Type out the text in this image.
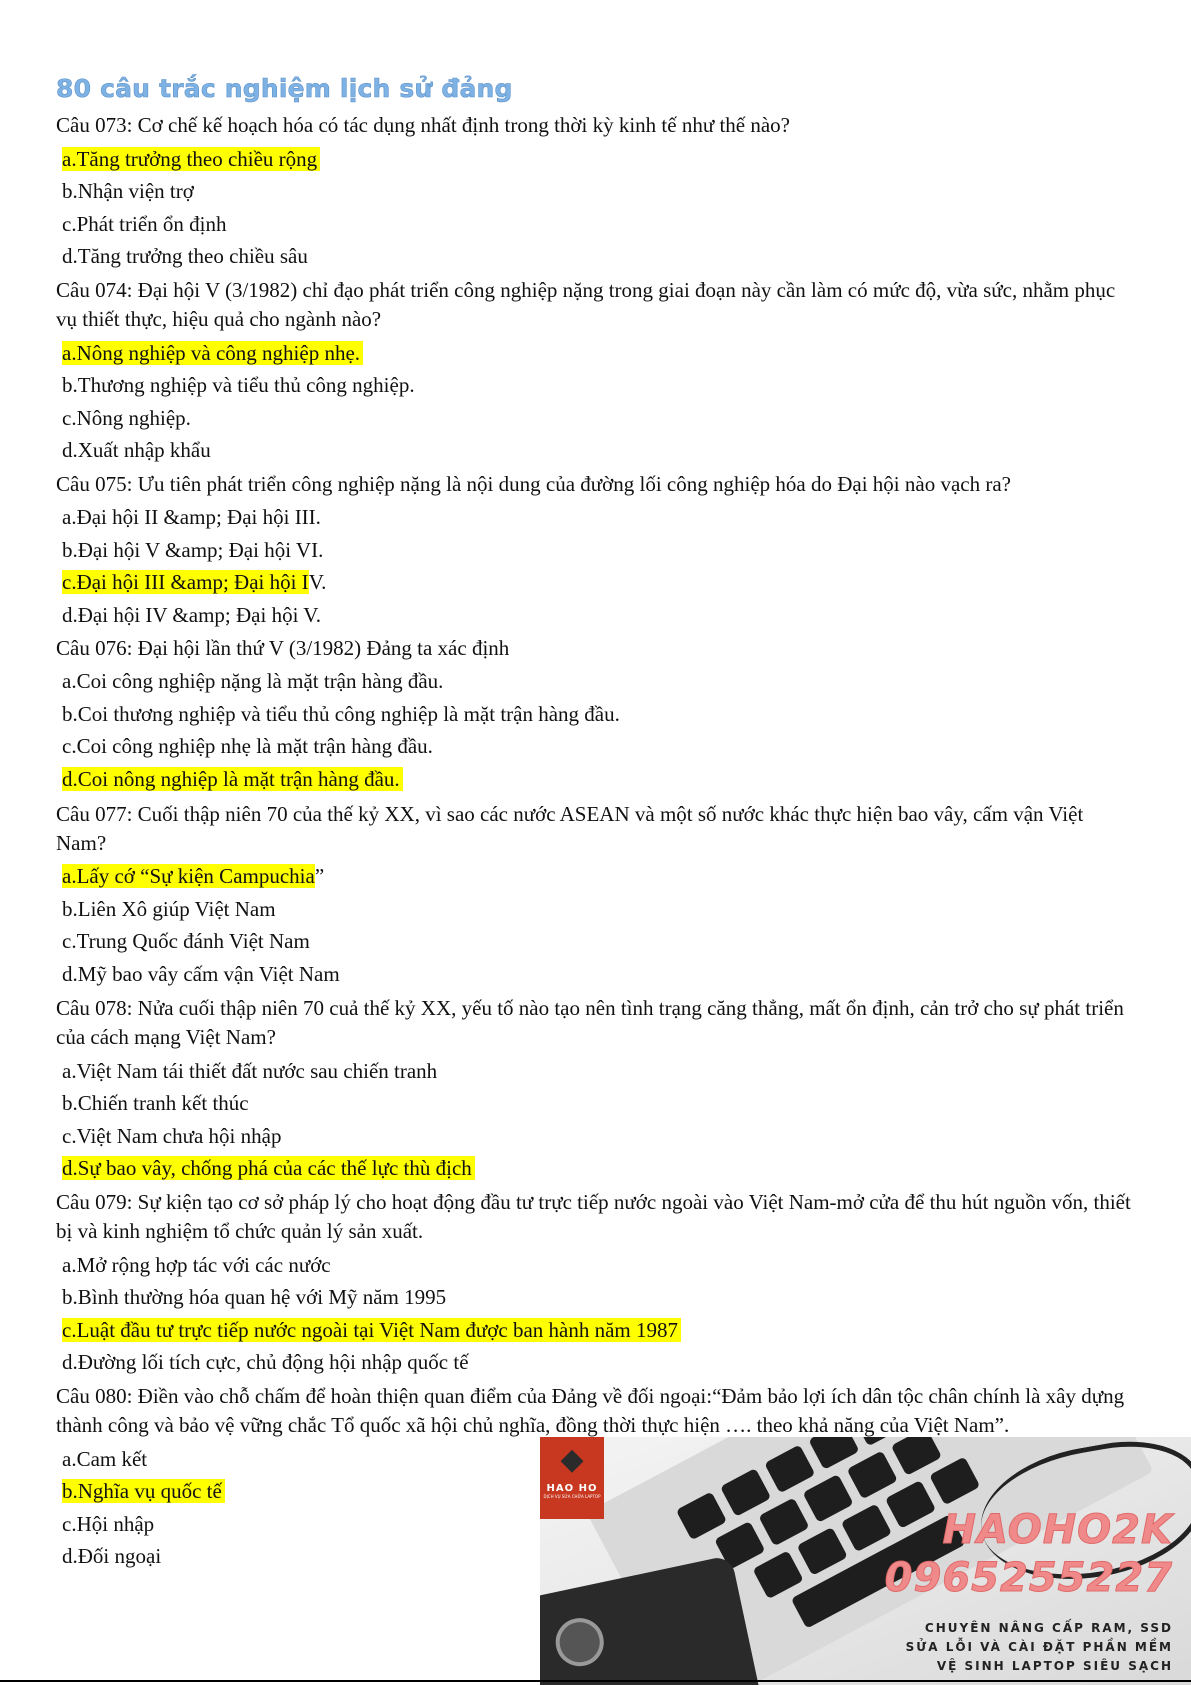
80 câu trắc nghiệm lịch sử đảng
Câu 073: Cơ chế kế hoạch hóa có tác dụng nhất định trong thời kỳ kinh tế như thế nào?
a.Tăng trưởng theo chiều rộng
b.Nhận viện trợ
c.Phát triển ổn định
d.Tăng trưởng theo chiều sâu
Câu 074: Đại hội V (3/1982) chỉ đạo phát triển công nghiệp nặng trong giai đoạn này cần làm có mức độ, vừa sức, nhằm phục vụ thiết thực, hiệu quả cho ngành nào?
a.Nông nghiệp và công nghiệp nhẹ.
b.Thương nghiệp và tiểu thủ công nghiệp.
c.Nông nghiệp.
d.Xuất nhập khẩu
Câu 075: Ưu tiên phát triển công nghiệp nặng là nội dung của đường lối công nghiệp hóa do Đại hội nào vạch ra?
a.Đại hội II &amp; Đại hội III.
b.Đại hội V &amp; Đại hội VI.
c.Đại hội III &amp; Đại hội IV.
d.Đại hội IV &amp; Đại hội V.
Câu 076: Đại hội lần thứ V (3/1982) Đảng ta xác định
a.Coi công nghiệp nặng là mặt trận hàng đầu.
b.Coi thương nghiệp và tiểu thủ công nghiệp là mặt trận hàng đầu.
c.Coi công nghiệp nhẹ là mặt trận hàng đầu.
d.Coi nông nghiệp là mặt trận hàng đầu.
Câu 077: Cuối thập niên 70 của thế kỷ XX, vì sao các nước ASEAN và một số nước khác thực hiện bao vây, cấm vận Việt Nam?
a.Lấy cớ “Sự kiện Campuchia”
b.Liên Xô giúp Việt Nam
c.Trung Quốc đánh Việt Nam
d.Mỹ bao vây cấm vận Việt Nam
Câu 078: Nửa cuối thập niên 70 cuả thế kỷ XX, yếu tố nào tạo nên tình trạng căng thẳng, mất ổn định, cản trở cho sự phát triển của cách mạng Việt Nam?
a.Việt Nam tái thiết đất nước sau chiến tranh
b.Chiến tranh kết thúc
c.Việt Nam chưa hội nhập
d.Sự bao vây, chống phá của các thế lực thù địch
Câu 079: Sự kiện tạo cơ sở pháp lý cho hoạt động đầu tư trực tiếp nước ngoài vào Việt Nam-mở cửa để thu hút nguồn vốn, thiết bị và kinh nghiệm tổ chức quản lý sản xuất.
a.Mở rộng hợp tác với các nước
b.Bình thường hóa quan hệ với Mỹ năm 1995
c.Luật đầu tư trực tiếp nước ngoài tại Việt Nam được ban hành năm 1987
d.Đường lối tích cực, chủ động hội nhập quốc tế
Câu 080: Điền vào chỗ chấm để hoàn thiện quan điểm của Đảng về đối ngoại:“Đảm bảo lợi ích dân tộc chân chính là xây dựng thành công và bảo vệ vững chắc Tổ quốc xã hội chủ nghĩa, đồng thời thực hiện …. theo khả năng của Việt Nam”.
a.Cam kết
b.Nghĩa vụ quốc tế
c.Hội nhập
d.Đối ngoại
◆
HAO HO
DỊCH VỤ SỬA CHỮA LAPTOP
HAOHO2K
0965255227
CHUYÊN NÂNG CẤP RAM, SSD
SỬA LỖI VÀ CÀI ĐẶT PHẦN MỀM
VỆ SINH LAPTOP SIÊU SẠCH
